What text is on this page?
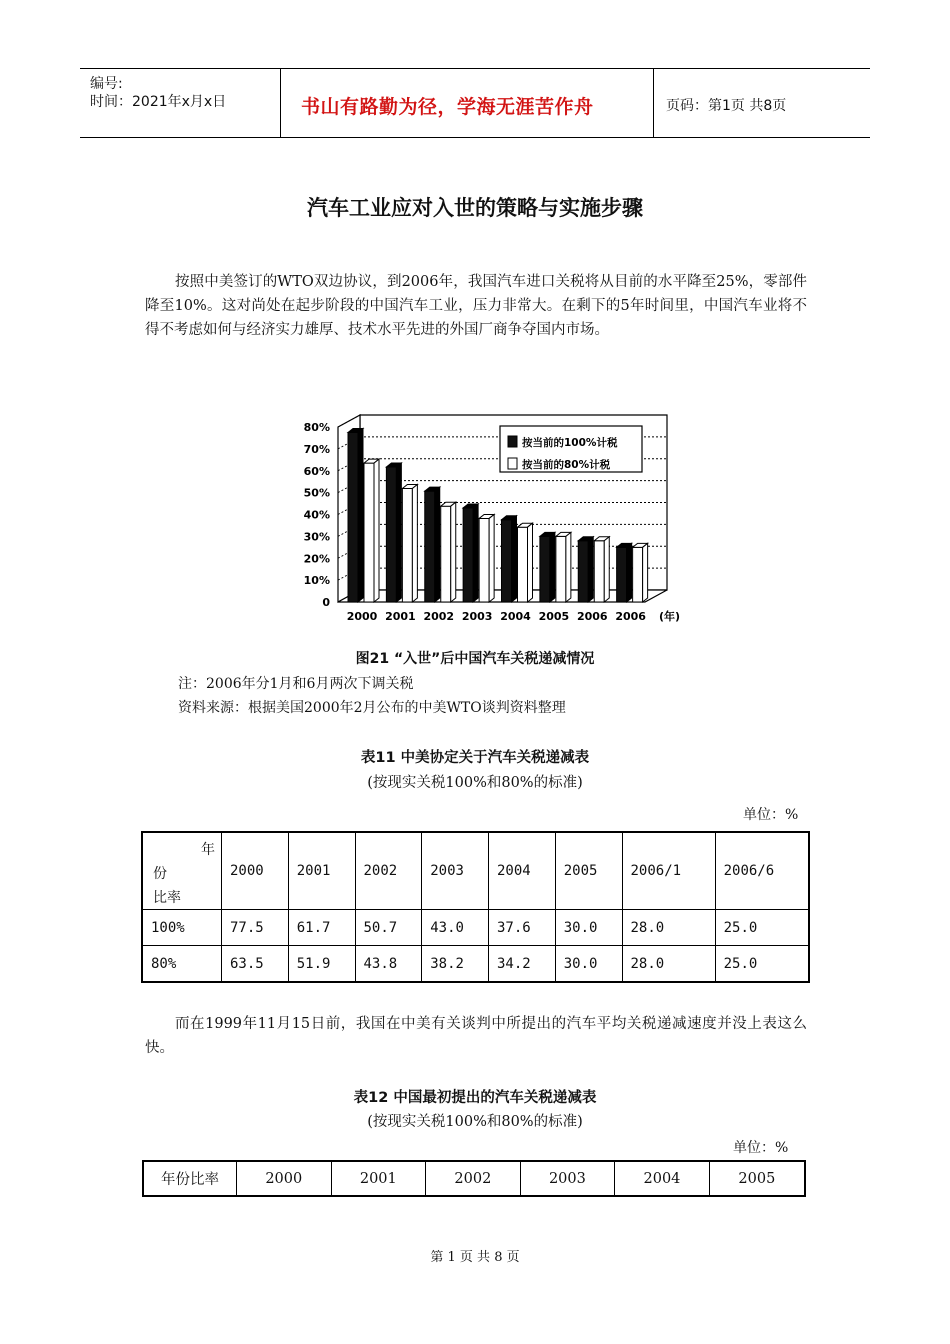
编号:
时间：2021年x月x日	书山有路勤为径，学海无涯苦作舟	页码：第1页 共8页
汽车工业应对入世的策略与实施步骤
按照中美签订的WTO双边协议，到2006年，我国汽车进口关税将从目前的水平降至25%，零部件降至10%。这对尚处在起步阶段的中国汽车工业，压力非常大。在剩下的5年时间里，中国汽车业将不得不考虑如何与经济实力雄厚、技术水平先进的外国厂商争夺国内市场。
0
10%
20%
30%
40%
50%
60%
70%
80%
2000 2001 2002 2003 2004 2005 2006 2006 (年)
按当前的100%计税
按当前的80%计税
图21 “入世”后中国汽车关税递减情况
注：2006年分1月和6月两次下调关税
资料来源：根据美国2000年2月公布的中美WTO谈判资料整理
表11 中美协定关于汽车关税递减表
(按现实关税100%和80%的标准)
单位：%
年
份
比率	2000	2001	2002	2003	2004	2005	2006/1	2006/6
100%	77.5	61.7	50.7	43.0	37.6	30.0	28.0	25.0
80%	63.5	51.9	43.8	38.2	34.2	30.0	28.0	25.0
而在1999年11月15日前，我国在中美有关谈判中所提出的汽车平均关税递减速度并没上表这么快。
表12 中国最初提出的汽车关税递减表
(按现实关税100%和80%的标准)
单位：%
年份比率	2000	2001	2002	2003	2004	2005
第 1 页 共 8 页
